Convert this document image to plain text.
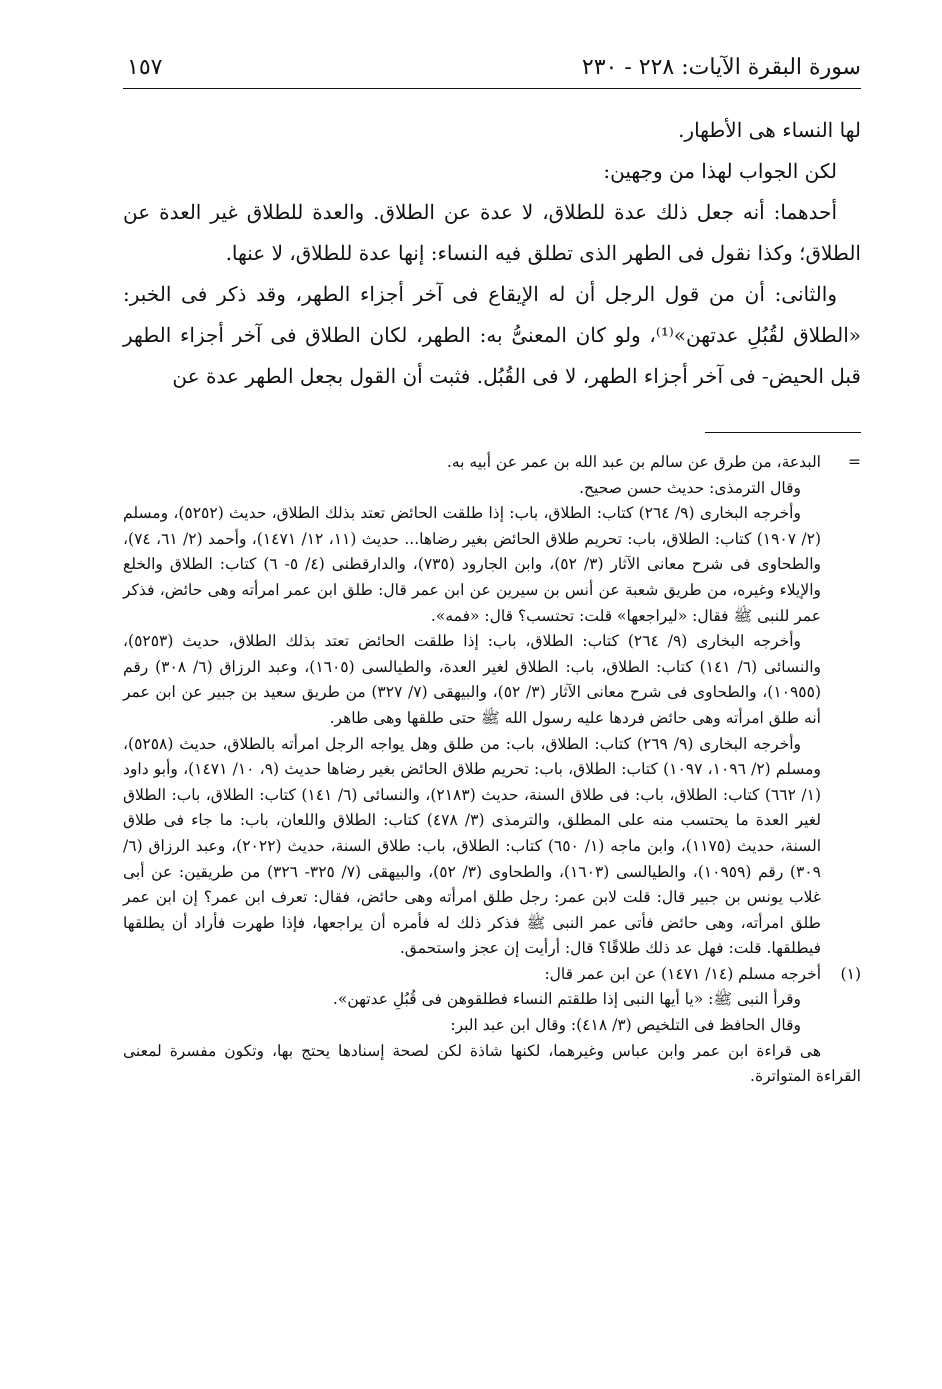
سورة البقرة الآيات: ٢٢٨ - ٢٣٠
١٥٧

لها النساء هى الأطهار.

لكن الجواب لهذا من وجهين:

أحدهما: أنه جعل ذلك عدة للطلاق، لا عدة عن الطلاق. والعدة للطلاق غير العدة عن الطلاق؛ وكذا نقول فى الطهر الذى تطلق فيه النساء: إنها عدة للطلاق، لا عنها.

والثانى: أن من قول الرجل أن له الإيقاع فى آخر أجزاء الطهر، وقد ذكر فى الخبر: «الطلاق لقُبُلِ عدتهن»⁽¹⁾، ولو كان المعنىُّ به: الطهر، لكان الطلاق فى آخر أجزاء الطهر قبل الحيض- فى آخر أجزاء الطهر، لا فى القُبُل. فثبت أن القول بجعل الطهر عدة عن

=

البدعة، من طرق عن سالم بن عبد الله بن عمر عن أبيه به.

وقال الترمذى: حديث حسن صحيح.

وأخرجه البخارى (٩/ ٢٦٤) كتاب: الطلاق، باب: إذا طلقت الحائض تعتد بذلك الطلاق، حديث (٥٢٥٢)، ومسلم (٢/ ١٩٠٧) كتاب: الطلاق، باب: تحريم طلاق الحائض بغير رضاها... حديث (١١، ١٢/ ١٤٧١)، وأحمد (٢/ ٦١، ٧٤)، والطحاوى فى شرح معانى الآثار (٣/ ٥٢)، وابن الجارود (٧٣٥)، والدارقطنى (٤/ ٥- ٦) كتاب: الطلاق والخلع والإيلاء وغيره، من طريق شعبة عن أنس بن سيرين عن ابن عمر قال: طلق ابن عمر امرأته وهى حائض، فذكر عمر للنبى ﷺ فقال: «ليراجعها» قلت: تحتسب؟ قال: «فمه».

وأخرجه البخارى (٩/ ٢٦٤) كتاب: الطلاق، باب: إذا طلقت الحائض تعتد بذلك الطلاق، حديث (٥٢٥٣)، والنسائى (٦/ ١٤١) كتاب: الطلاق، باب: الطلاق لغير العدة، والطيالسى (١٦٠٥)، وعبد الرزاق (٦/ ٣٠٨) رقم (١٠٩٥٥)، والطحاوى فى شرح معانى الآثار (٣/ ٥٢)، والبيهقى (٧/ ٣٢٧) من طريق سعيد بن جبير عن ابن عمر أنه طلق امرأته وهى حائض فردها عليه رسول الله ﷺ حتى طلقها وهى طاهر.

وأخرجه البخارى (٩/ ٢٦٩) كتاب: الطلاق، باب: من طلق وهل يواجه الرجل امرأته بالطلاق، حديث (٥٢٥٨)، ومسلم (٢/ ١٠٩٦، ١٠٩٧) كتاب: الطلاق، باب: تحريم طلاق الحائض بغير رضاها حديث (٩، ١٠/ ١٤٧١)، وأبو داود (١/ ٦٦٢) كتاب: الطلاق، باب: فى طلاق السنة، حديث (٢١٨٣)، والنسائى (٦/ ١٤١) كتاب: الطلاق، باب: الطلاق لغير العدة ما يحتسب منه على المطلق، والترمذى (٣/ ٤٧٨) كتاب: الطلاق واللعان، باب: ما جاء فى طلاق السنة، حديث (١١٧٥)، وابن ماجه (١/ ٦٥٠) كتاب: الطلاق، باب: طلاق السنة، حديث (٢٠٢٢)، وعبد الرزاق (٦/ ٣٠٩) رقم (١٠٩٥٩)، والطيالسى (١٦٠٣)، والطحاوى (٣/ ٥٢)، والبيهقى (٧/ ٣٢٥- ٣٢٦) من طريقين: عن أبى غلاب يونس بن جبير قال: قلت لابن عمر: رجل طلق امرأته وهى حائض، فقال: تعرف ابن عمر؟ إن ابن عمر طلق امرأته، وهى حائض فأتى عمر النبى ﷺ فذكر ذلك له فأمره أن يراجعها، فإذا طهرت فأراد أن يطلقها فيطلقها. قلت: فهل عد ذلك طلاقًا؟ قال: أرأيت إن عجز واستحمق.

(١)

أخرجه مسلم (١٤/ ١٤٧١) عن ابن عمر قال:

وقرأ النبى ﷺ: «يا أيها النبى إذا طلقتم النساء فطلقوهن فى قُبُلِ عدتهن».

وقال الحافظ فى التلخيص (٣/ ٤١٨): وقال ابن عبد البر:

هى قراءة ابن عمر وابن عباس وغيرهما، لكنها شاذة لكن لصحة إسنادها يحتج بها، وتكون مفسرة لمعنى القراءة المتواترة.
